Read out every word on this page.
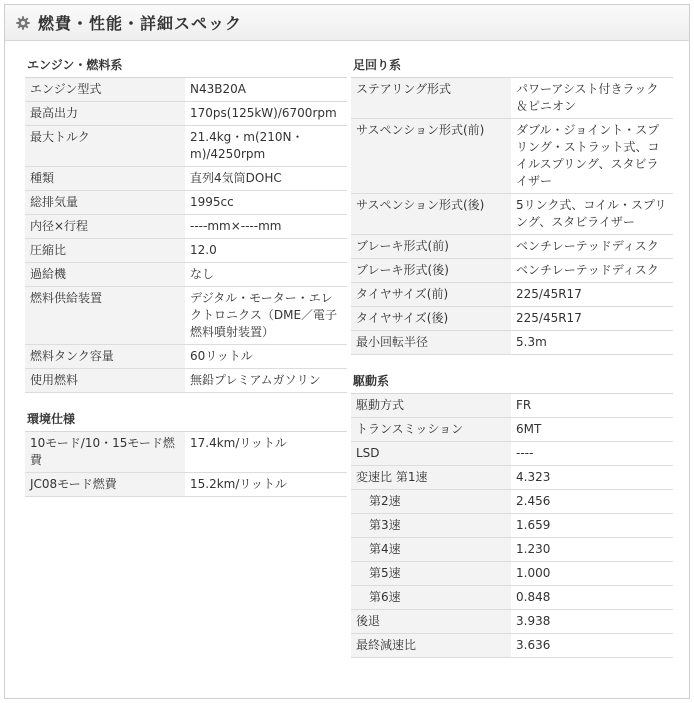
燃費・性能・詳細スペック
エンジン・燃料系
エンジン型式	N43B20A
最高出力	170ps(125kW)/6700rpm
最大トルク	21.4kg・m(210N・m)/4250rpm
種類	直列4気筒DOHC
総排気量	1995cc
内径×行程	----mm×----mm
圧縮比	12.0
過給機	なし
燃料供給装置	デジタル・モーター・エレクトロニクス（DME／電子燃料噴射装置）
燃料タンク容量	60リットル
使用燃料	無鉛プレミアムガソリン
環境仕様
10モード/10・15モード燃費	17.4km/リットル
JC08モード燃費	15.2km/リットル
足回り系
ステアリング形式	パワーアシスト付きラック＆ピニオン
サスペンション形式(前)	ダブル・ジョイント・スプリング・ストラット式、コイルスプリング、スタビライザー
サスペンション形式(後)	5リンク式、コイル・スプリング、スタビライザー
ブレーキ形式(前)	ベンチレーテッドディスク
ブレーキ形式(後)	ベンチレーテッドディスク
タイヤサイズ(前)	225/45R17
タイヤサイズ(後)	225/45R17
最小回転半径	5.3m
駆動系
駆動方式	FR
トランスミッション	6MT
LSD	----
変速比 第1速	4.323
第2速	2.456
第3速	1.659
第4速	1.230
第5速	1.000
第6速	0.848
後退	3.938
最終減速比	3.636
